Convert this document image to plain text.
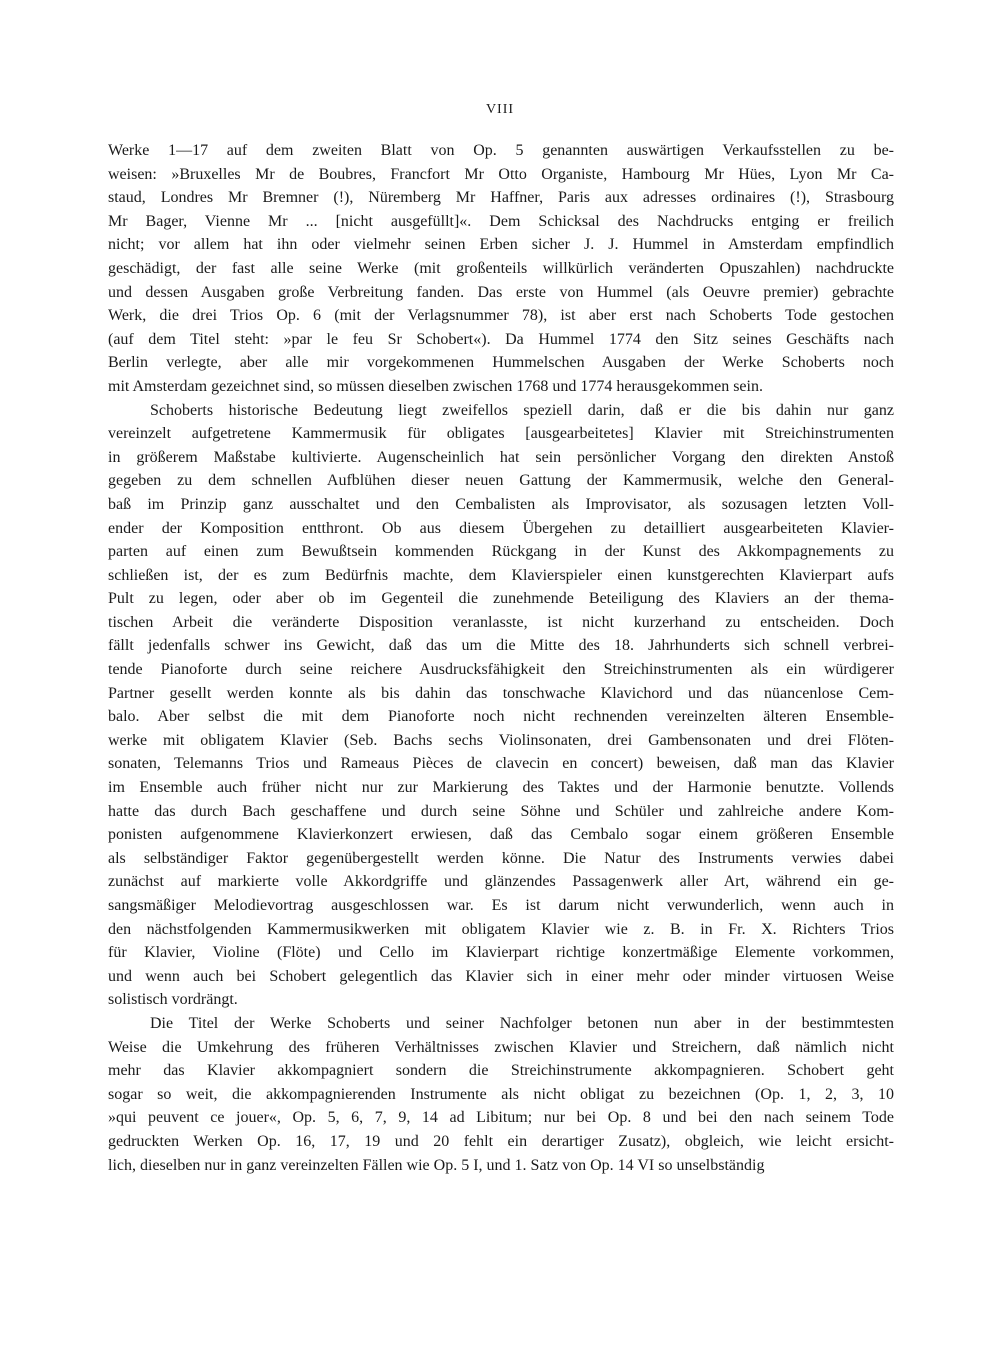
VIII
Werke 1—17 auf dem zweiten Blatt von Op. 5 genannten auswärtigen Verkaufsstellen zu be-
weisen: »Bruxelles Mr de Boubres, Francfort Mr Otto Organiste, Hambourg Mr Hües, Lyon Mr Ca-
staud, Londres Mr Bremner (!), Nüremberg Mr Haffner, Paris aux adresses ordinaires (!), Strasbourg
Mr Bager, Vienne Mr ... [nicht ausgefüllt]«. Dem Schicksal des Nachdrucks entging er freilich
nicht; vor allem hat ihn oder vielmehr seinen Erben sicher J. J. Hummel in Amsterdam empfindlich
geschädigt, der fast alle seine Werke (mit großenteils willkürlich veränderten Opuszahlen) nachdruckte
und dessen Ausgaben große Verbreitung fanden. Das erste von Hummel (als Oeuvre premier) gebrachte
Werk, die drei Trios Op. 6 (mit der Verlagsnummer 78), ist aber erst nach Schoberts Tode gestochen
(auf dem Titel steht: »par le feu Sr Schobert«). Da Hummel 1774 den Sitz seines Geschäfts nach
Berlin verlegte, aber alle mir vorgekommenen Hummelschen Ausgaben der Werke Schoberts noch
mit Amsterdam gezeichnet sind, so müssen dieselben zwischen 1768 und 1774 herausgekommen sein.
Schoberts historische Bedeutung liegt zweifellos speziell darin, daß er die bis dahin nur ganz
vereinzelt aufgetretene Kammermusik für obligates [ausgearbeitetes] Klavier mit Streichinstrumenten
in größerem Maßstabe kultivierte. Augenscheinlich hat sein persönlicher Vorgang den direkten Anstoß
gegeben zu dem schnellen Aufblühen dieser neuen Gattung der Kammermusik, welche den General-
baß im Prinzip ganz ausschaltet und den Cembalisten als Improvisator, als sozusagen letzten Voll-
ender der Komposition entthront. Ob aus diesem Übergehen zu detailliert ausgearbeiteten Klavier-
parten auf einen zum Bewußtsein kommenden Rückgang in der Kunst des Akkompagnements zu
schließen ist, der es zum Bedürfnis machte, dem Klavierspieler einen kunstgerechten Klavierpart aufs
Pult zu legen, oder aber ob im Gegenteil die zunehmende Beteiligung des Klaviers an der thema-
tischen Arbeit die veränderte Disposition veranlasste, ist nicht kurzerhand zu entscheiden. Doch
fällt jedenfalls schwer ins Gewicht, daß das um die Mitte des 18. Jahrhunderts sich schnell verbrei-
tende Pianoforte durch seine reichere Ausdrucksfähigkeit den Streichinstrumenten als ein würdigerer
Partner gesellt werden konnte als bis dahin das tonschwache Klavichord und das nüancenlose Cem-
balo. Aber selbst die mit dem Pianoforte noch nicht rechnenden vereinzelten älteren Ensemble-
werke mit obligatem Klavier (Seb. Bachs sechs Violinsonaten, drei Gambensonaten und drei Flöten-
sonaten, Telemanns Trios und Rameaus Pièces de clavecin en concert) beweisen, daß man das Klavier
im Ensemble auch früher nicht nur zur Markierung des Taktes und der Harmonie benutzte. Vollends
hatte das durch Bach geschaffene und durch seine Söhne und Schüler und zahlreiche andere Kom-
ponisten aufgenommene Klavierkonzert erwiesen, daß das Cembalo sogar einem größeren Ensemble
als selbständiger Faktor gegenübergestellt werden könne. Die Natur des Instruments verwies dabei
zunächst auf markierte volle Akkordgriffe und glänzendes Passagenwerk aller Art, während ein ge-
sangsmäßiger Melodievortrag ausgeschlossen war. Es ist darum nicht verwunderlich, wenn auch in
den nächstfolgenden Kammermusikwerken mit obligatem Klavier wie z. B. in Fr. X. Richters Trios
für Klavier, Violine (Flöte) und Cello im Klavierpart richtige konzertmäßige Elemente vorkommen,
und wenn auch bei Schobert gelegentlich das Klavier sich in einer mehr oder minder virtuosen Weise
solistisch vordrängt.
Die Titel der Werke Schoberts und seiner Nachfolger betonen nun aber in der bestimmtesten
Weise die Umkehrung des früheren Verhältnisses zwischen Klavier und Streichern, daß nämlich nicht
mehr das Klavier akkompagniert sondern die Streichinstrumente akkompagnieren. Schobert geht
sogar so weit, die akkompagnierenden Instrumente als nicht obligat zu bezeichnen (Op. 1, 2, 3, 10
»qui peuvent ce jouer«, Op. 5, 6, 7, 9, 14 ad Libitum; nur bei Op. 8 und bei den nach seinem Tode
gedruckten Werken Op. 16, 17, 19 und 20 fehlt ein derartiger Zusatz), obgleich, wie leicht ersicht-
lich, dieselben nur in ganz vereinzelten Fällen wie Op. 5 I, und 1. Satz von Op. 14 VI so unselbständig
